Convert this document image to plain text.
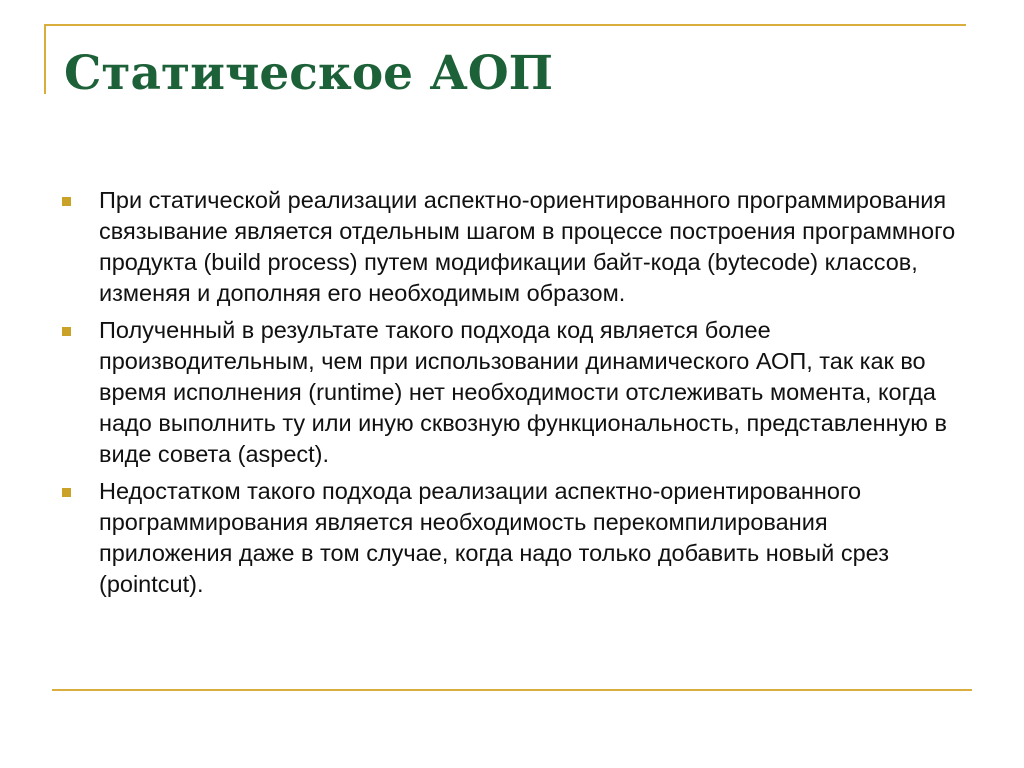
Статическое АОП
При статической реализации аспектно-ориентированного программирования связывание является отдельным шагом в процессе построения программного продукта (build process) путем модификации байт-кода (bytecode) классов, изменяя и дополняя его необходимым образом.
Полученный в результате такого подхода код является более производительным, чем при использовании динамического АОП, так как во время исполнения (runtime) нет необходимости отслеживать момента, когда надо выполнить ту или иную сквозную функциональность, представленную в виде совета (aspect).
Недостатком такого подхода реализации аспектно-ориентированного программирования является необходимость перекомпилирования приложения даже в том случае, когда надо только добавить новый срез (pointcut).
